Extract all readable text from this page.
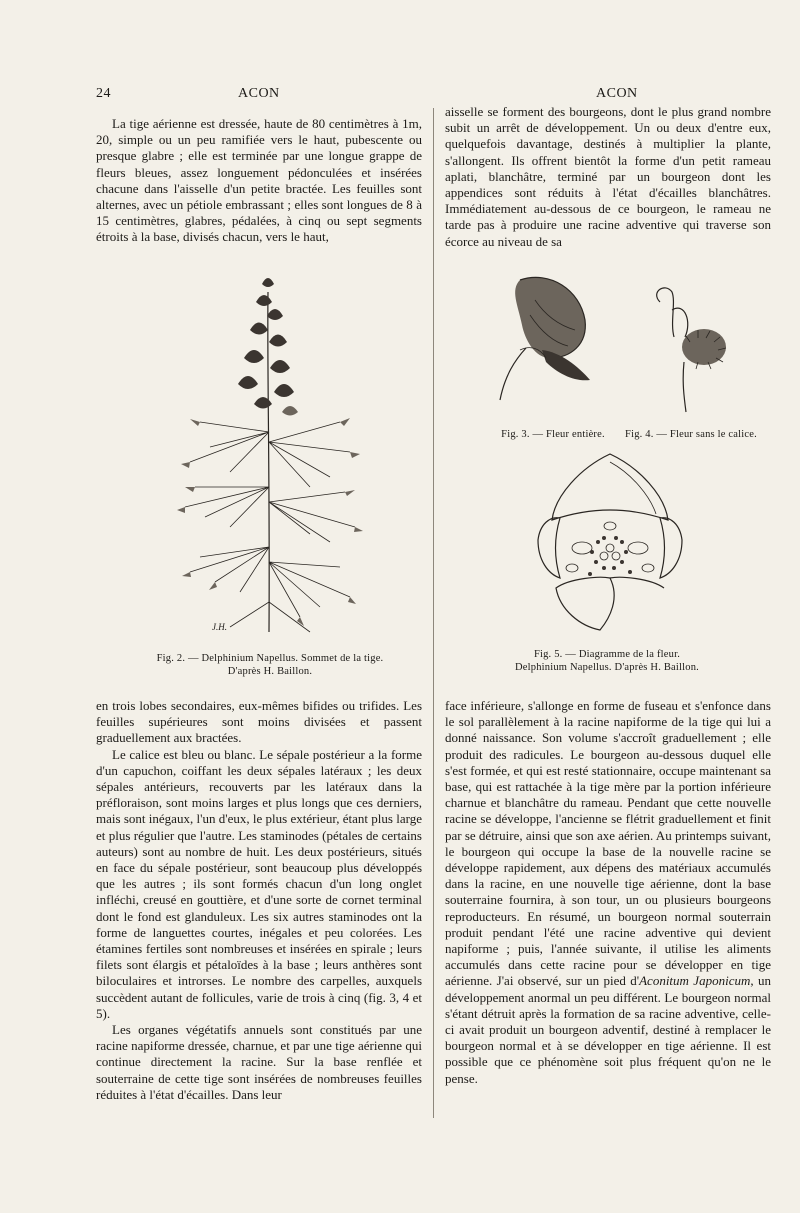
24	ACON	ACON

La tige aérienne est dressée, haute de 80 centimètres à 1m, 20, simple ou un peu ramifiée vers le haut, pubescente ou presque glabre ; elle est terminée par une longue grappe de fleurs bleues, assez longuement pédonculées et insérées chacune dans l'aisselle d'un petite bractée. Les feuilles sont alternes, avec un pétiole embrassant ; elles sont longues de 8 à 15 centimètres, glabres, pédalées, à cinq ou sept segments étroits à la base, divisés chacun, vers le haut,

aisselle se forment des bourgeons, dont le plus grand nombre subit un arrêt de développement. Un ou deux d'entre eux, quelquefois davantage, destinés à multiplier la plante, s'allongent. Ils offrent bientôt la forme d'un petit rameau aplati, blanchâtre, terminé par un bourgeon dont les appendices sont réduits à l'état d'écailles blanchâtres. Immédiatement au-dessous de ce bourgeon, le rameau ne tarde pas à produire une racine adventive qui traverse son écorce au niveau de sa

J.H.
Fig. 2. — Delphinium Napellus. Sommet de la tige.
D'après H. Baillon.
Fig. 3. — Fleur entière.	Fig. 4. — Fleur sans le calice.
Fig. 5. — Diagramme de la fleur.
Delphinium Napellus. D'après H. Baillon.

en trois lobes secondaires, eux-mêmes bifides ou trifides. Les feuilles supérieures sont moins divisées et passent graduellement aux bractées.

Le calice est bleu ou blanc. Le sépale postérieur a la forme d'un capuchon, coiffant les deux sépales latéraux ; les deux sépales antérieurs, recouverts par les latéraux dans la préfloraison, sont moins larges et plus longs que ces derniers, mais sont inégaux, l'un d'eux, le plus extérieur, étant plus large et plus régulier que l'autre. Les staminodes (pétales de certains auteurs) sont au nombre de huit. Les deux postérieurs, situés en face du sépale postérieur, sont beaucoup plus développés que les autres ; ils sont formés chacun d'un long onglet infléchi, creusé en gouttière, et d'une sorte de cornet terminal dont le fond est glanduleux. Les six autres staminodes ont la forme de languettes courtes, inégales et peu colorées. Les étamines fertiles sont nombreuses et insérées en spirale ; leurs filets sont élargis et pétaloïdes à la base ; leurs anthères sont biloculaires et introrses. Le nombre des carpelles, auxquels succèdent autant de follicules, varie de trois à cinq (fig. 3, 4 et 5).

Les organes végétatifs annuels sont constitués par une racine napiforme dressée, charnue, et par une tige aérienne qui continue directement la racine. Sur la base renflée et souterraine de cette tige sont insérées de nombreuses feuilles réduites à l'état d'écailles. Dans leur

face inférieure, s'allonge en forme de fuseau et s'enfonce dans le sol parallèlement à la racine napiforme de la tige qui lui a donné naissance. Son volume s'accroît graduellement ; elle produit des radicules. Le bourgeon au-dessous duquel elle s'est formée, et qui est resté stationnaire, occupe maintenant sa base, qui est rattachée à la tige mère par la portion inférieure charnue et blanchâtre du rameau. Pendant que cette nouvelle racine se développe, l'ancienne se flétrit graduellement et finit par se détruire, ainsi que son axe aérien. Au printemps suivant, le bourgeon qui occupe la base de la nouvelle racine se développe rapidement, aux dépens des matériaux accumulés dans la racine, en une nouvelle tige aérienne, dont la base souterraine fournira, à son tour, un ou plusieurs bourgeons reproducteurs. En résumé, un bourgeon normal souterrain produit pendant l'été une racine adventive qui devient napiforme ; puis, l'année suivante, il utilise les aliments accumulés dans cette racine pour se développer en tige aérienne. J'ai observé, sur un pied d'Aconitum Japonicum, un développement anormal un peu différent. Le bourgeon normal s'étant détruit après la formation de sa racine adventive, celle-ci avait produit un bourgeon adventif, destiné à remplacer le bourgeon normal et à se développer en tige aérienne. Il est possible que ce phénomène soit plus fréquent qu'on ne le pense.
